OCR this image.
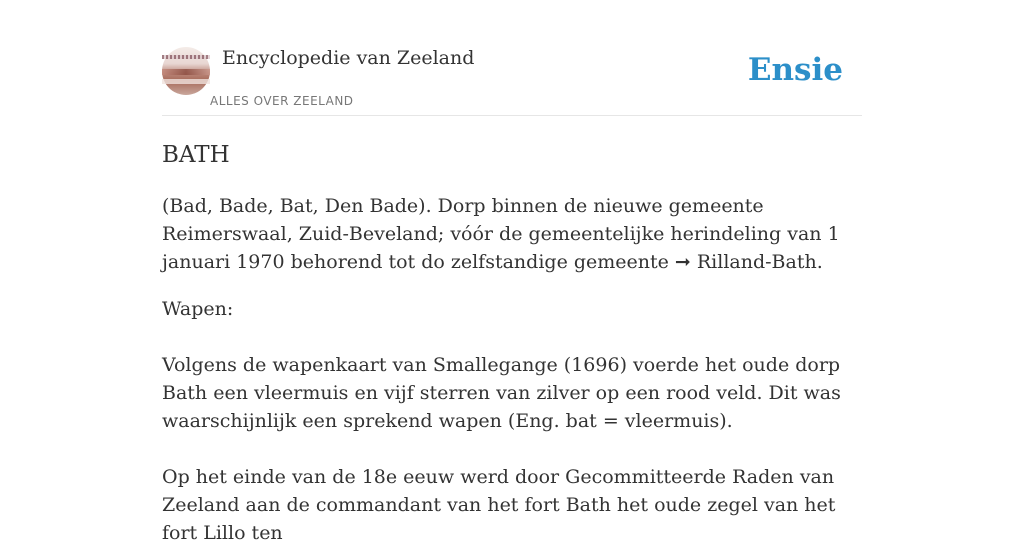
Encyclopedie van Zeeland
ALLES OVER ZEELAND
Ensie
BATH

(Bad, Bade, Bat, Den Bade). Dorp binnen de nieuwe gemeente Reimerswaal, Zuid-Beveland; vóór de gemeentelijke herindeling van 1 januari 1970 behorend tot do zelfstandige gemeente ➞ Rilland-Bath.

Wapen:

Volgens de wapenkaart van Smallegange (1696) voerde het oude dorp Bath een vleermuis en vijf sterren van zilver op een rood veld. Dit was waarschijnlijk een sprekend wapen (Eng. bat = vleermuis).

Op het einde van de 18e eeuw werd door Gecommitteerde Raden van Zeeland aan de commandant van het fort Bath het oude zegel van het fort Lillo ten
